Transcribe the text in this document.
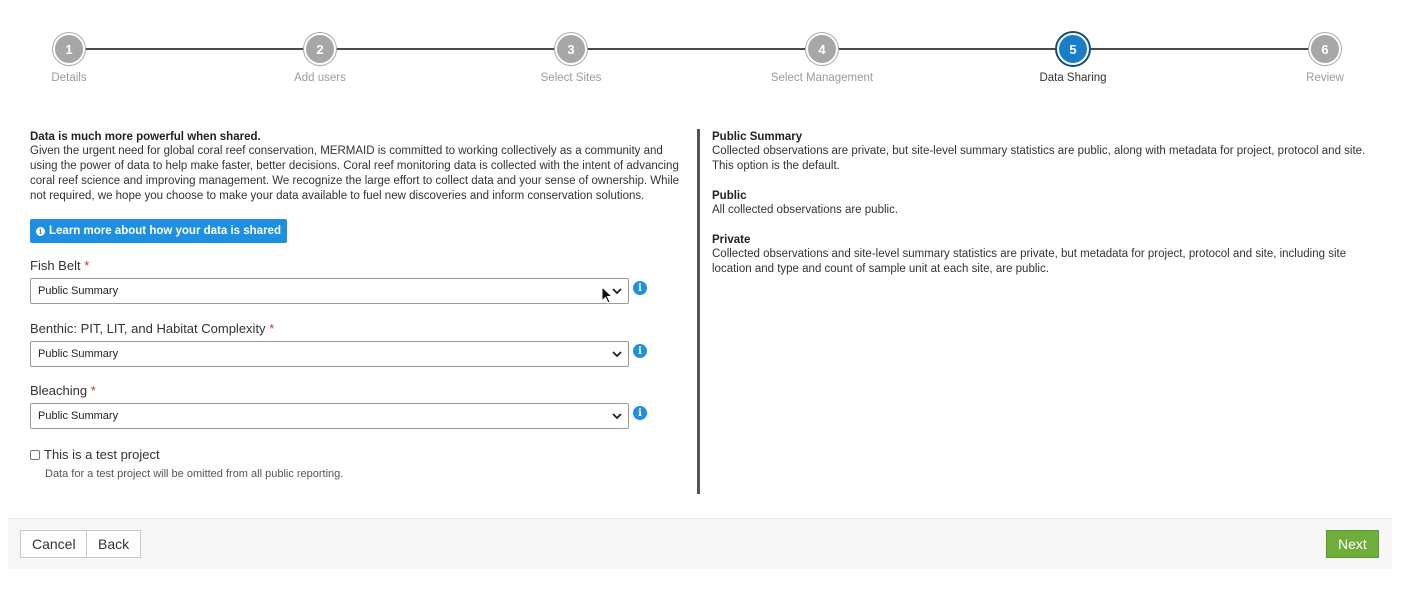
1
Details
2
Add users
3
Select Sites
4
Select Management
5
Data Sharing
6
Review

Data is much more powerful when shared.

Given the urgent need for global coral reef conservation, MERMAID is committed to working collectively as a community and using the power of data to help make faster, better decisions. Coral reef monitoring data is collected with the intent of advancing coral reef science and improving management. We recognize the large effort to collect data and your sense of ownership. While not required, we hope you choose to make your data available to fuel new discoveries and inform conservation solutions.

i Learn more about how your data is shared
Fish Belt *
Public Summary	i
Benthic: PIT, LIT, and Habitat Complexity *
Public Summary	i
Bleaching *
Public Summary	i
This is a test project
Data for a test project will be omitted from all public reporting.
Public Summary

Collected observations are private, but site-level summary statistics are public, along with metadata for project, protocol and site. This option is the default.

Public

All collected observations are public.

Private

Collected observations and site-level summary statistics are private, but metadata for project, protocol and site, including site location and type and count of sample unit at each site, are public.

Cancel	Back	Next
